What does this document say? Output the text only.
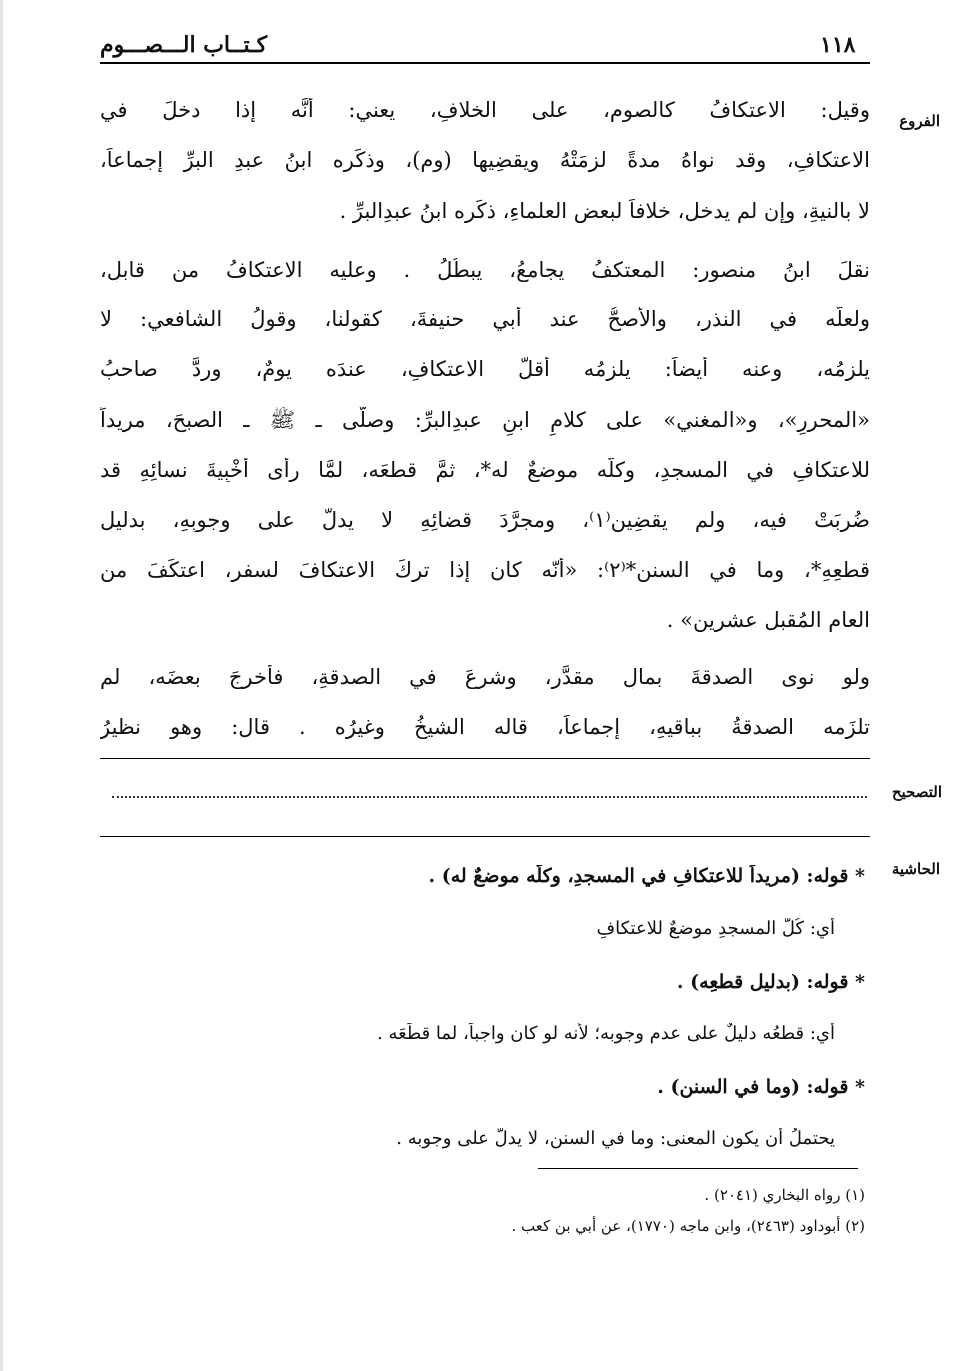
كـتــاب الـــصـــوم	١١٨
الفروع
وقيل: الاعتكافُ كالصوم، على الخلافِ، يعني: أنَّه إذا دخلَ في
الاعتكافِ، وقد نواهُ مدةً لزِمَتْهُ ويقضِيها (وم)، وذكَره ابنُ عبدِ البرِّ إجماعاً،
لا بالنيةِ، وإن لم يدخل، خلافاً لبعضِ العلماءِ، ذكَره ابنُ عبدِالبرِّ .
نقلَ ابنُ منصورٍ: المعتكفُ يجامعُ، يبطُلُ . وعليه الاعتكافُ من قابلٍ،
ولعلَّه في النذرِ، والأصحُّ عند أبي حنيفةَ، كقولنا، وقولُ الشافعي: لا
يلزمُه، وعنه أيضاً: يلزمُه أقلُّ الاعتكافِ، عندَه يومٌ، وردَّ صاحبُ
«المحررِ»، و«المغني» على كلامِ ابنِ عبدِالبرِّ: وصلَّى ـ ﷺ ـ الصبحَ، مريداً
للاعتكافِ في المسجدِ، وكلُّه موضعٌ له*، ثمَّ قطعَه، لمَّا رأى أخْبِيةَ نسائِهِ قد
ضُرِبَتْ فيه، ولم يقضِين⁽١⁾، ومجرَّدَ قضائِهِ لا يدلُّ على وجوبِهِ، بدليلِ
قطعِهِ*، وما في السنن*⁽٢⁾: «أنّه كان إذا تركَ الاعتكافَ لسفرٍ، اعتكَفَ من
العامِ المُقبلِ عشرين» .
ولو نوى الصدقةَ بمالٍ مقدَّرٍ، وشرعَ في الصدقةِ، فأخرجَ بعضَه، لم
تلزَمه الصدقةُ بباقيهِ، إجماعاً، قاله الشيخُ وغيرُه . قال: وهو نظيرُ
التصحيح
الحاشية
* قوله: (مريداً للاعتكافِ في المسجدِ، وكلُّه موضعٌ له) .
أي: كُلُّ المسجدِ موضعٌ للاعتكافِ
* قوله: (بدليل قطعِه) .
أي: قطعُه دليلٌ على عدمِ وجوبه؛ لأنه لو كان واجباً، لما قطَعَه .
* قوله: (وما في السننِ) .
يحتملُ أن يكون المعنى: وما في السننِ، لا يدلُّ على وجوبه .
(١) رواه البخاري (٢٠٤١) .
(٢) أبوداود (٢٤٦٣)، وابن ماجه (١٧٧٠)، عن أبي بن كعب .
